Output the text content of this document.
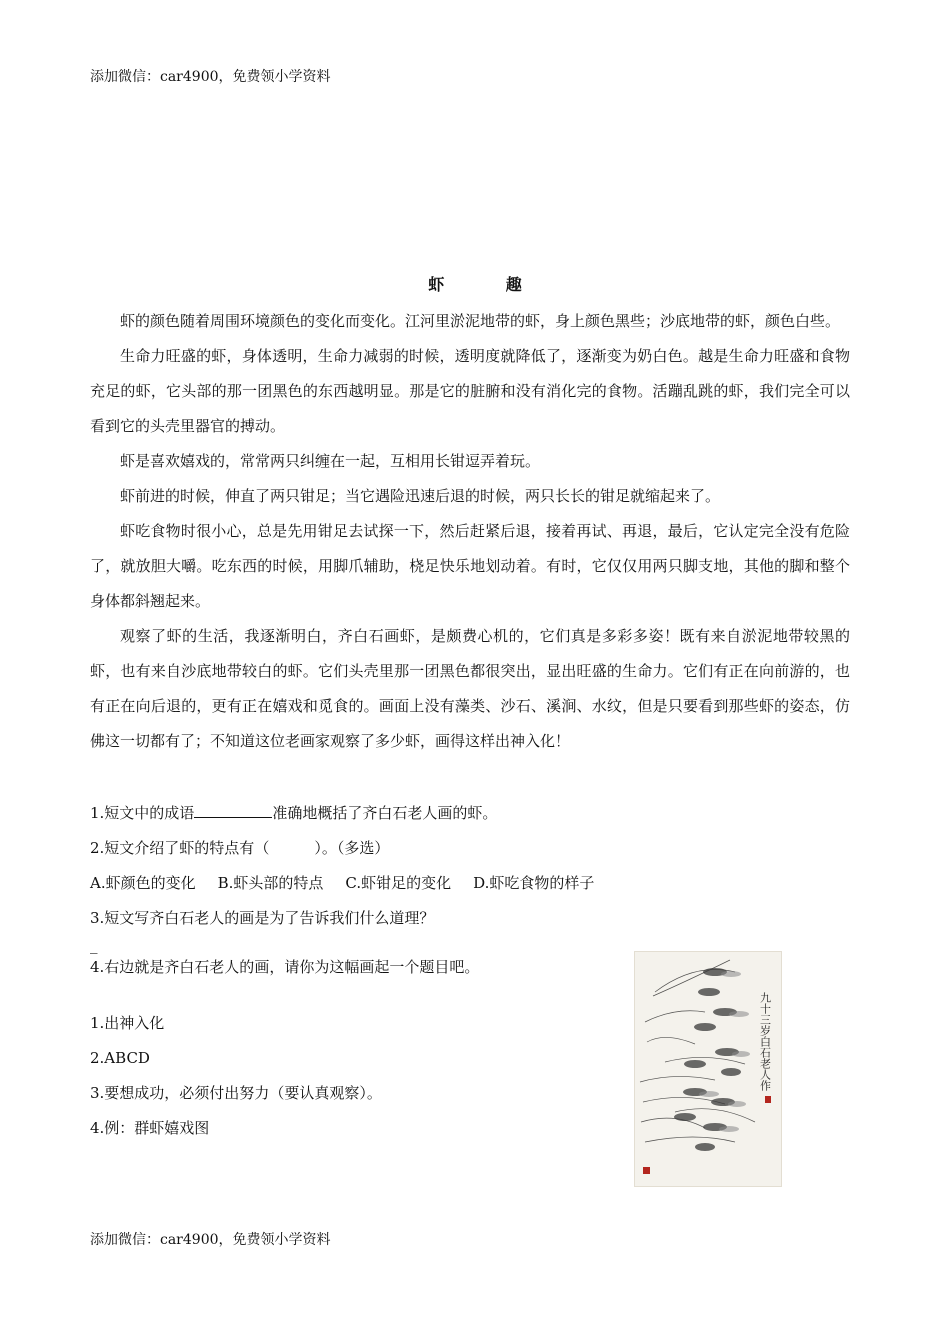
添加微信：car4900，免费领小学资料
虾 趣

虾的颜色随着周围环境颜色的变化而变化。江河里淤泥地带的虾，身上颜色黑些；沙底地带的虾，颜色白些。

生命力旺盛的虾，身体透明，生命力减弱的时候，透明度就降低了，逐渐变为奶白色。越是生命力旺盛和食物充足的虾，它头部的那一团黑色的东西越明显。那是它的脏腑和没有消化完的食物。活蹦乱跳的虾，我们完全可以看到它的头壳里器官的搏动。

虾是喜欢嬉戏的，常常两只纠缠在一起，互相用长钳逗弄着玩。

虾前进的时候，伸直了两只钳足；当它遇险迅速后退的时候，两只长长的钳足就缩起来了。

虾吃食物时很小心，总是先用钳足去试探一下，然后赶紧后退，接着再试、再退，最后，它认定完全没有危险了，就放胆大嚼。吃东西的时候，用脚爪辅助，桡足快乐地划动着。有时，它仅仅用两只脚支地，其他的脚和整个身体都斜翘起来。

观察了虾的生活，我逐渐明白，齐白石画虾，是颇费心机的，它们真是多彩多姿！既有来自淤泥地带较黑的虾，也有来自沙底地带较白的虾。它们头壳里那一团黑色都很突出，显出旺盛的生命力。它们有正在向前游的，也有正在向后退的，更有正在嬉戏和觅食的。画面上没有藻类、沙石、溪涧、水纹，但是只要看到那些虾的姿态，仿佛这一切都有了；不知道这位老画家观察了多少虾，画得这样出神入化！

1.短文中的成语	准确地概括了齐白石老人画的虾。
2.短文介绍了虾的特点有（　　　）。（多选）
A.虾颜色的变化 B.虾头部的特点 C.虾钳足的变化 D.虾吃食物的样子
3.短文写齐白石老人的画是为了告诉我们什么道理？
_
4.右边就是齐白石老人的画，请你为这幅画起一个题目吧。
1.出神入化
2.ABCD
3.要想成功，必须付出努力（要认真观察）。
4.例：群虾嬉戏图
九十三岁白石老人作
添加微信：car4900，免费领小学资料
